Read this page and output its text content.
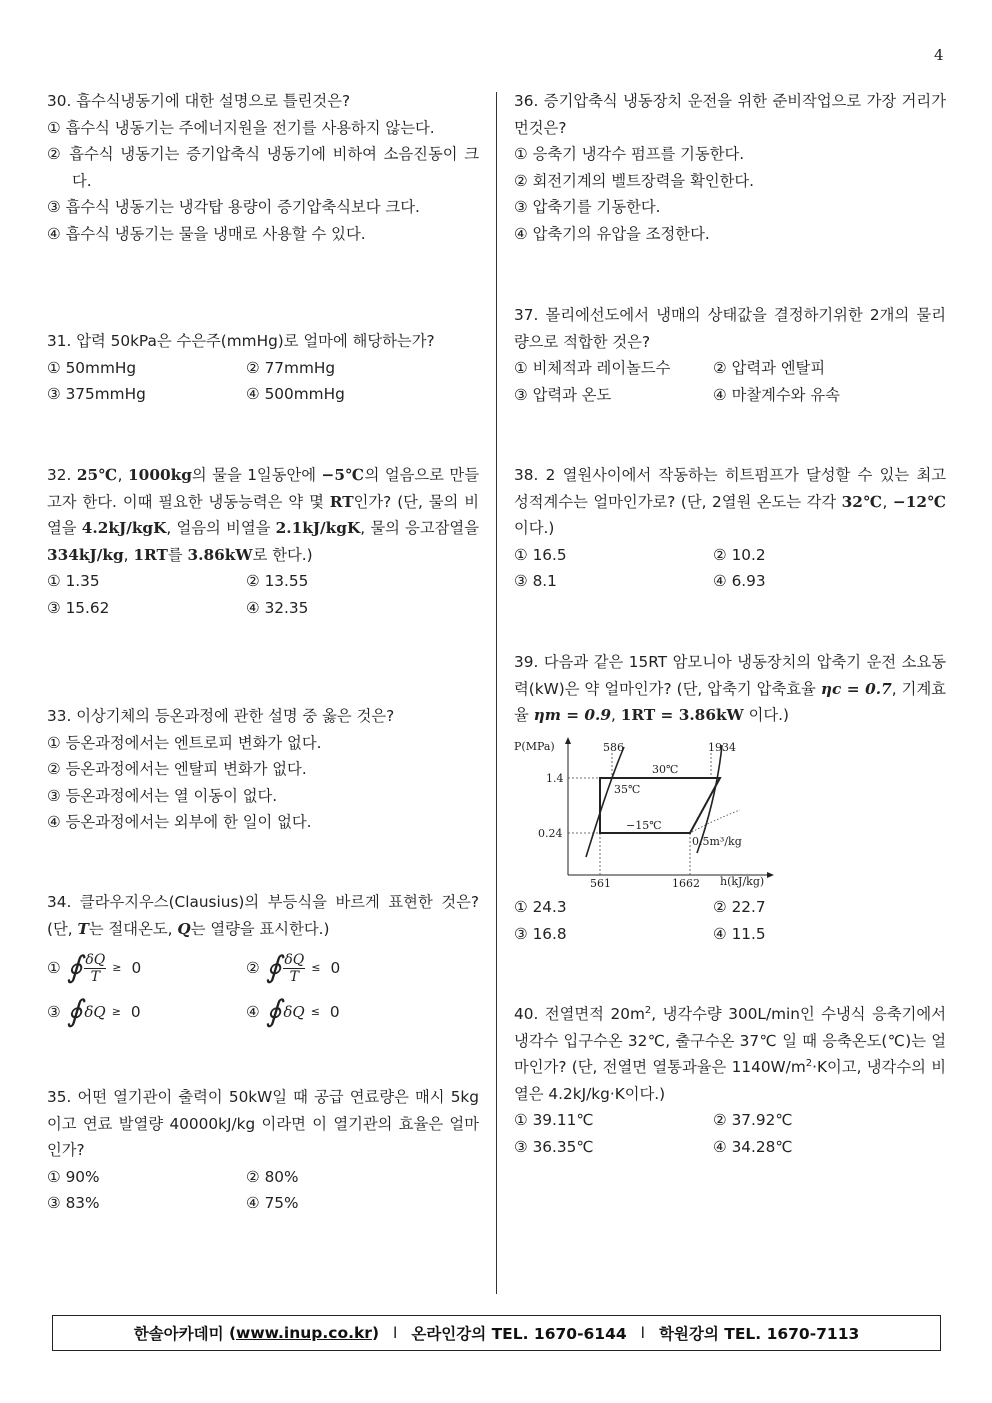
4

30. 흡수식냉동기에 대한 설명으로 틀린것은?

① 흡수식 냉동기는 주에너지원을 전기를 사용하지 않는다.

② 흡수식 냉동기는 증기압축식 냉동기에 비하여 소음진동이 크다.

③ 흡수식 냉동기는 냉각탑 용량이 증기압축식보다 크다.

④ 흡수식 냉동기는 물을 냉매로 사용할 수 있다.

31. 압력 50kPa은 수은주(mmHg)로 얼마에 해당하는가?

① 50mmHg	② 77mmHg
③ 375mmHg	④ 500mmHg

32. 25℃, 1000kg의 물을 1일동안에 −5℃의 얼음으로 만들고자 한다. 이때 필요한 냉동능력은 약 몇 RT인가? (단, 물의 비열을 4.2kJ/kgK, 얼음의 비열을 2.1kJ/kgK, 물의 응고잠열을 334kJ/kg, 1RT를 3.86kW로 한다.)

① 1.35	② 13.55
③ 15.62	④ 32.35

33. 이상기체의 등온과정에 관한 설명 중 옳은 것은?

① 등온과정에서는 엔트로피 변화가 없다.

② 등온과정에서는 엔탈피 변화가 없다.

③ 등온과정에서는 열 이동이 없다.

④ 등온과정에서는 외부에 한 일이 없다.

34. 클라우지우스(Clausius)의 부등식을 바르게 표현한 것은? (단, T는 절대온도, Q는 열량을 표시한다.)

① ∮ $\frac{\delta Q}{T} \ge 0$	② ∮ $\frac{\delta Q}{T} \le 0$
③ ∮ δQ ≥ 0	④ ∮ δQ ≤ 0

35. 어떤 열기관이 출력이 50kW일 때 공급 연료량은 매시 5kg이고 연료 발열량 40000kJ/kg 이라면 이 열기관의 효율은 얼마인가?

① 90%	② 80%
③ 83%	④ 75%

36. 증기압축식 냉동장치 운전을 위한 준비작업으로 가장 거리가 먼것은?

① 응축기 냉각수 펌프를 기동한다.

② 회전기계의 벨트장력을 확인한다.

③ 압축기를 기동한다.

④ 압축기의 유압을 조정한다.

37. 몰리에선도에서 냉매의 상태값을 결정하기위한 2개의 물리량으로 적합한 것은?

① 비체적과 레이놀드수	② 압력과 엔탈피
③ 압력과 온도	④ 마찰계수와 유속

38. 2 열원사이에서 작동하는 히트펌프가 달성할 수 있는 최고 성적계수는 얼마인가로? (단, 2열원 온도는 각각 32℃, −12℃ 이다.)

① 16.5	② 10.2
③ 8.1	④ 6.93

39. 다음과 같은 15RT 암모니아 냉동장치의 압축기 운전 소요동력(kW)은 약 얼마인가? (단, 압축기 압축효율 ηc = 0.7, 기계효율 ηm = 0.9, 1RT = 3.86kW 이다.)

① 24.3	② 22.7
③ 16.8	④ 11.5

40. 전열면적 $20m^2$, 냉각수량 300L/min인 수냉식 응축기에서 냉각수 입구수온 32℃, 출구수온 37℃ 일 때 응축온도(℃)는 얼마인가? (단, 전열면 열통과율은 $1140W/m^2\cdot K$이고, 냉각수의 비열은 4.2kJ/kg·K이다.)

① 39.11℃	② 37.92℃
③ 36.35℃	④ 34.28℃
P(MPa)
h(kJ/kg)
1.4
0.24
586	1934
561	1662
30℃
35℃
−15℃
0.5m³/kg
한솔아카데미 ( www.inup.co.kr ) l 온라인강의 TEL. 1670-6144 l 학원강의 TEL. 1670-7113
